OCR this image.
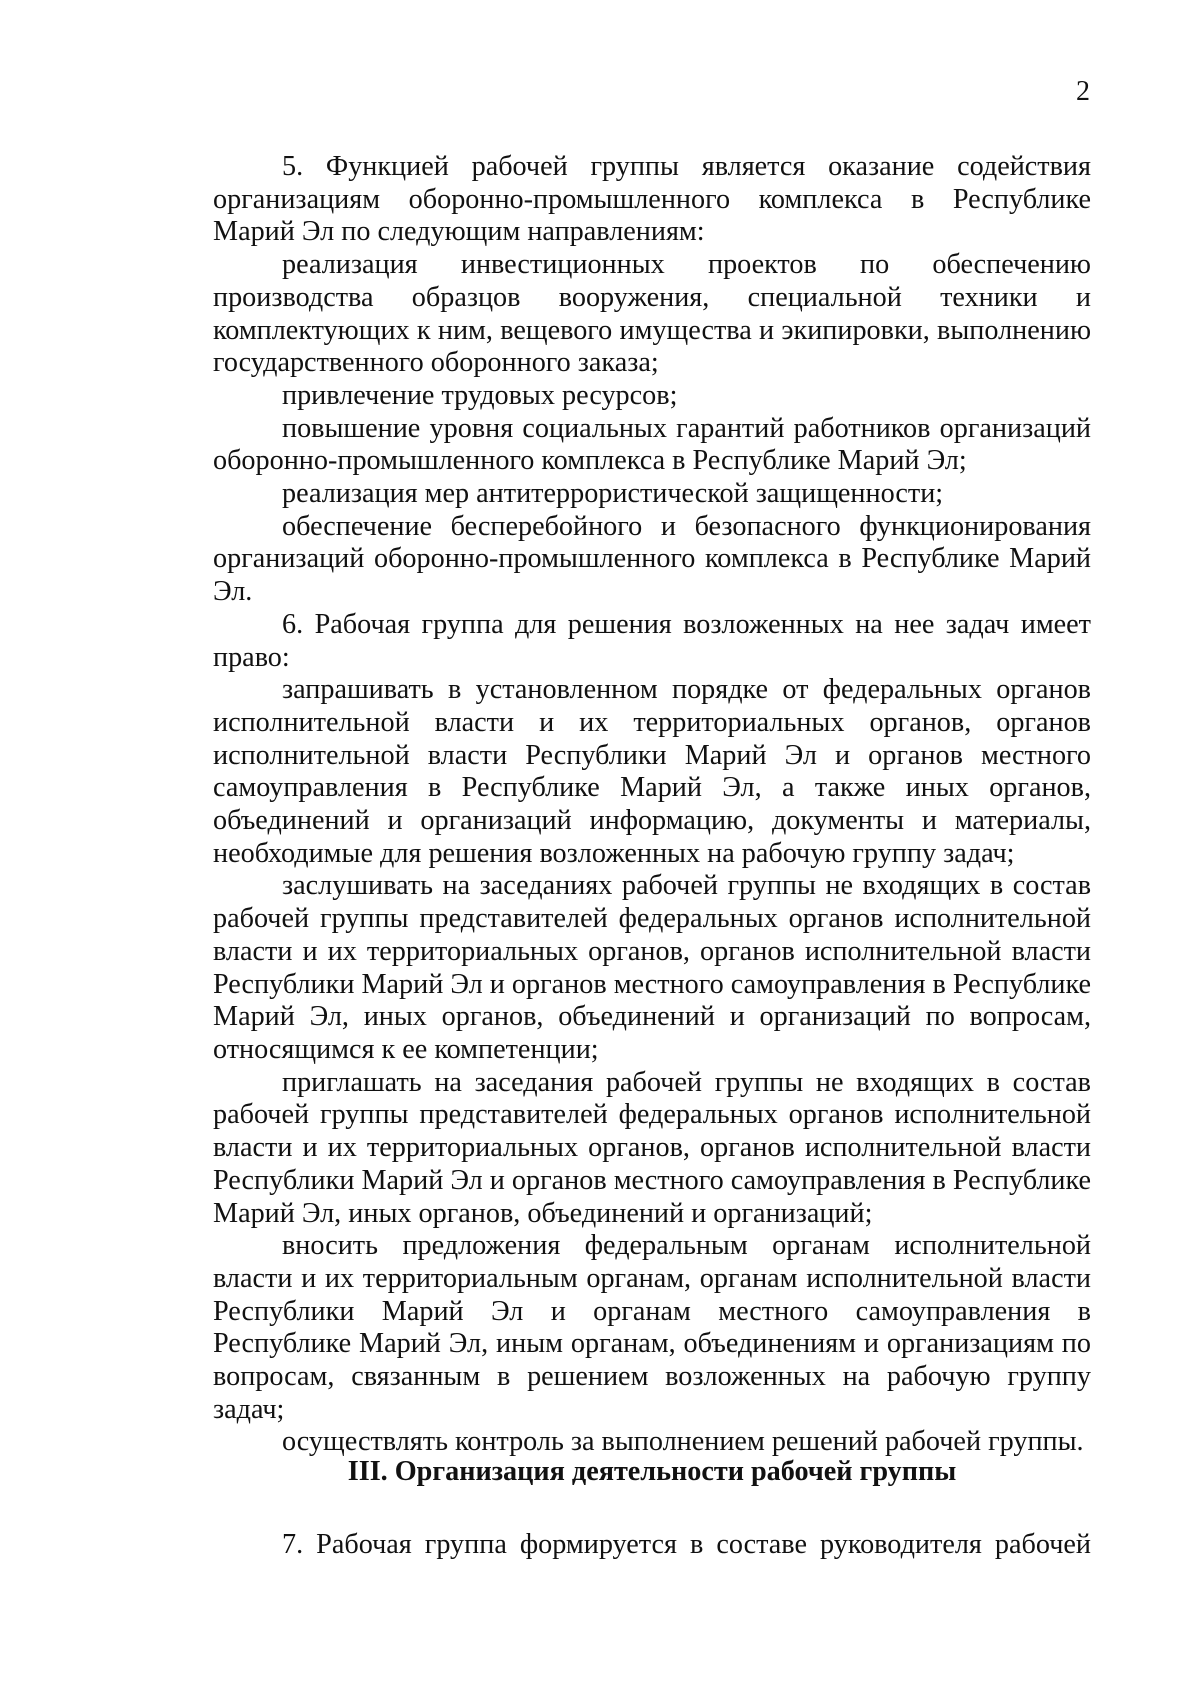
2

5. Функцией рабочей группы является оказание содействия организациям оборонно-промышленного комплекса в Республике Марий Эл по следующим направлениям:

реализация инвестиционных проектов по обеспечению производства образцов вооружения, специальной техники и комплектующих к ним, вещевого имущества и экипировки, выполнению государственного оборонного заказа;

привлечение трудовых ресурсов;

повышение уровня социальных гарантий работников организаций оборонно-промышленного комплекса в Республике Марий Эл;

реализация мер антитеррористической защищенности;

обеспечение бесперебойного и безопасного функционирования организаций оборонно-промышленного комплекса в Республике Марий Эл.

6. Рабочая группа для решения возложенных на нее задач имеет право:

запрашивать в установленном порядке от федеральных органов исполнительной власти и их территориальных органов, органов исполнительной власти Республики Марий Эл и органов местного самоуправления в Республике Марий Эл, а также иных органов, объединений и организаций информацию, документы и материалы, необходимые для решения возложенных на рабочую группу задач;

заслушивать на заседаниях рабочей группы не входящих в состав рабочей группы представителей федеральных органов исполнительной власти и их территориальных органов, органов исполнительной власти Республики Марий Эл и органов местного самоуправления в Республике Марий Эл, иных органов, объединений и организаций по вопросам, относящимся к ее компетенции;

приглашать на заседания рабочей группы не входящих в состав рабочей группы представителей федеральных органов исполнительной власти и их территориальных органов, органов исполнительной власти Республики Марий Эл и органов местного самоуправления в Республике Марий Эл, иных органов, объединений и организаций;

вносить предложения федеральным органам исполнительной власти и их территориальным органам, органам исполнительной власти Республики Марий Эл и органам местного самоуправления в Республике Марий Эл, иным органам, объединениям и организациям по вопросам, связанным в решением возложенных на рабочую группу задач;

осуществлять контроль за выполнением решений рабочей группы.

III. Организация деятельности рабочей группы

7. Рабочая группа формируется в составе руководителя рабочей
